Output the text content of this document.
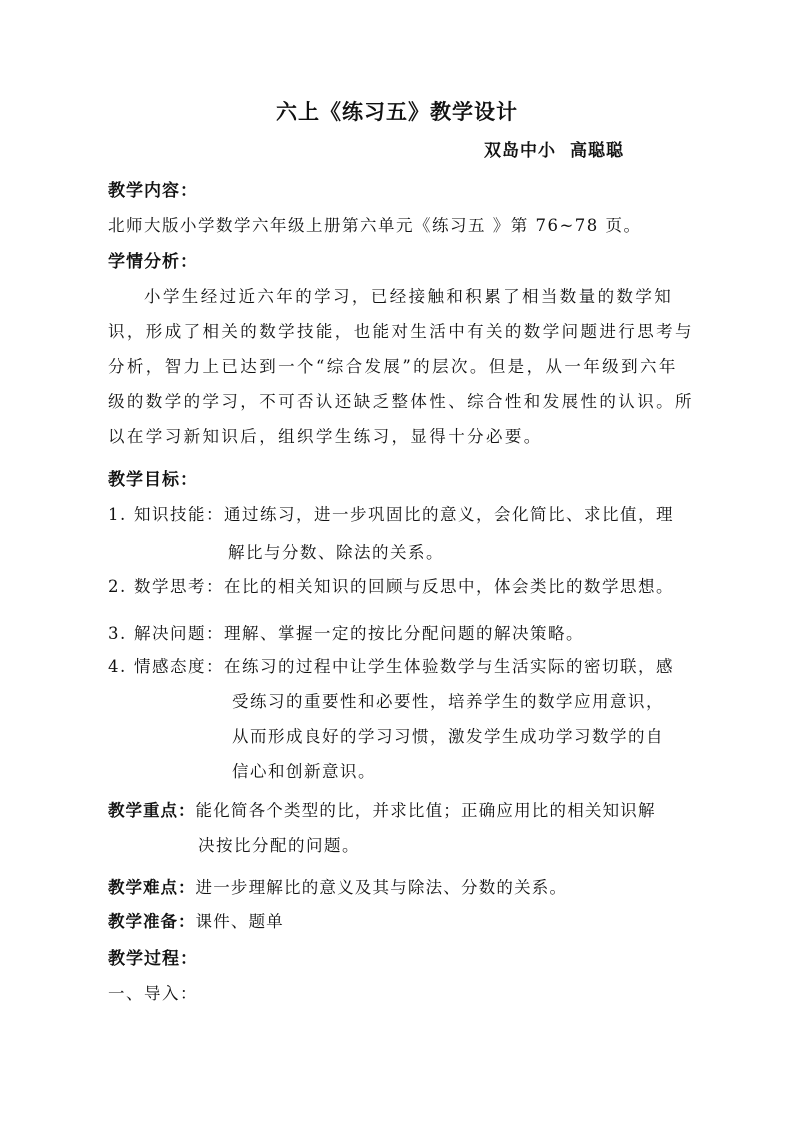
六上《练习五》教学设计
双岛中小 高聪聪
教学内容：
北师大版小学数学六年级上册第六单元《练习五 》第 76~78 页。
学情分析：
小学生经过近六年的学习，已经接触和积累了相当数量的数学知
识，形成了相关的数学技能，也能对生活中有关的数学问题进行思考与
分析，智力上已达到一个“综合发展”的层次。但是，从一年级到六年
级的数学的学习，不可否认还缺乏整体性、综合性和发展性的认识。所
以在学习新知识后，组织学生练习，显得十分必要。
教学目标：
1. 知识技能：通过练习，进一步巩固比的意义，会化简比、求比值，理
解比与分数、除法的关系。
2. 数学思考：在比的相关知识的回顾与反思中，体会类比的数学思想。
3. 解决问题：理解、掌握一定的按比分配问题的解决策略。
4. 情感态度：在练习的过程中让学生体验数学与生活实际的密切联，感
受练习的重要性和必要性，培养学生的数学应用意识，
从而形成良好的学习习惯，激发学生成功学习数学的自
信心和创新意识。
教学重点：能化简各个类型的比，并求比值；正确应用比的相关知识解
决按比分配的问题。
教学难点：进一步理解比的意义及其与除法、分数的关系。
教学准备：课件、题单
教学过程：
一、导入：
